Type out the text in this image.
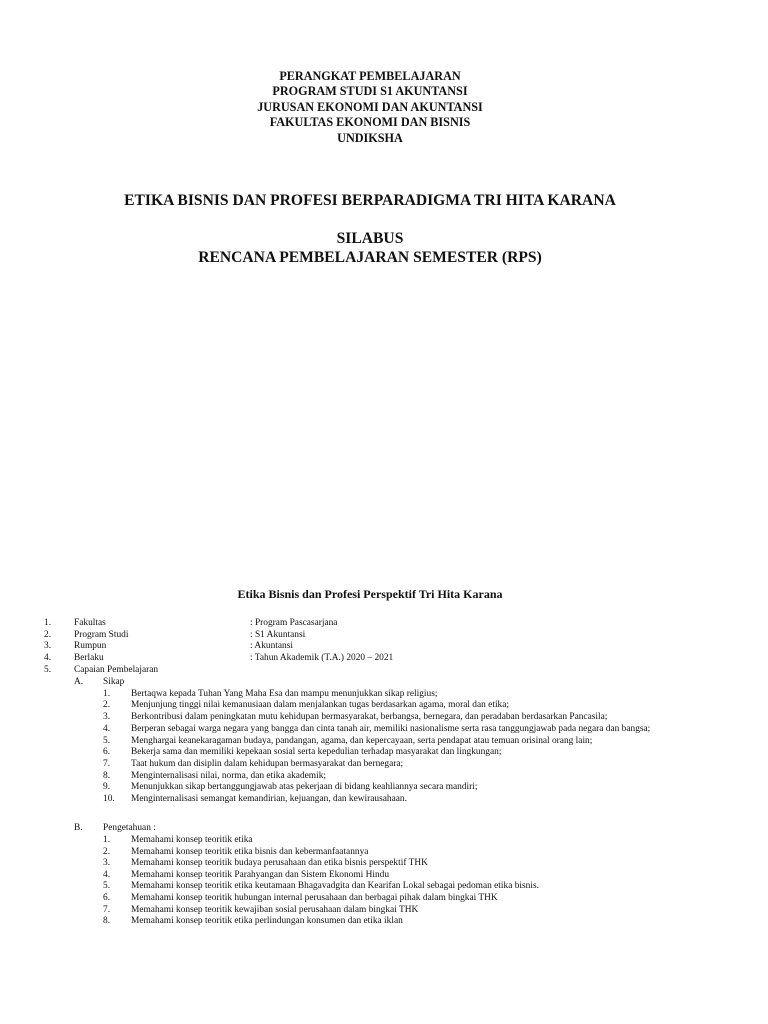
PERANGKAT PEMBELAJARAN
PROGRAM STUDI S1 AKUNTANSI
JURUSAN EKONOMI DAN AKUNTANSI
FAKULTAS EKONOMI DAN BISNIS
UNDIKSHA
ETIKA BISNIS DAN PROFESI BERPARADIGMA TRI HITA KARANA
SILABUS
RENCANA PEMBELAJARAN SEMESTER (RPS)
Etika Bisnis dan Profesi Perspektif Tri Hita Karana
1. Fakultas	: Program Pascasarjana
2. Program Studi	: S1 Akuntansi
3. Rumpun	: Akuntansi
4. Berlaku	: Tahun Akademik (T.A.) 2020 – 2021
5. Capaian Pembelajaran
A. Sikap
1. Bertaqwa kepada Tuhan Yang Maha Esa dan mampu menunjukkan sikap religius;
2. Menjunjung tinggi nilai kemanusiaan dalam menjalankan tugas berdasarkan agama, moral dan etika;
3. Berkontribusi dalam peningkatan mutu kehidupan bermasyarakat, berbangsa, bernegara, dan peradaban berdasarkan Pancasila;
4. Berperan sebagai warga negara yang bangga dan cinta tanah air, memiliki nasionalisme serta rasa tanggungjawab pada negara dan bangsa;
5. Menghargai keanekaragaman budaya, pandangan, agama, dan kepercayaan, serta pendapat atau temuan orisinal orang lain;
6. Bekerja sama dan memiliki kepekaan sosial serta kepedulian terhadap masyarakat dan lingkungan;
7. Taat hukum dan disiplin dalam kehidupan bermasyarakat dan bernegara;
8. Menginternalisasi nilai, norma, dan etika akademik;
9. Menunjukkan sikap bertanggungjawab atas pekerjaan di bidang keahliannya secara mandiri;
10. Menginternalisasi semangat kemandirian, kejuangan, dan kewirausahaan.
B. Pengetahuan :
1. Memahami konsep teoritik etika
2. Memahami konsep teoritik etika bisnis dan kebermanfaatannya
3. Memahami konsep teoritik budaya perusahaan dan etika bisnis perspektif THK
4. Memahami konsep teoritik Parahyangan dan Sistem Ekonomi Hindu
5. Memahami konsep teoritik etika keutamaan Bhagavadgita dan Kearifan Lokal sebagai pedoman etika bisnis.
6. Memahami konsep teoritik hubungan internal perusahaan dan berbagai pihak dalam bingkai THK
7. Memahami konsep teoritik kewajiban sosial perusahaan dalam bingkai THK
8. Memahami konsep teoritik etika perlindungan konsumen dan etika iklan
